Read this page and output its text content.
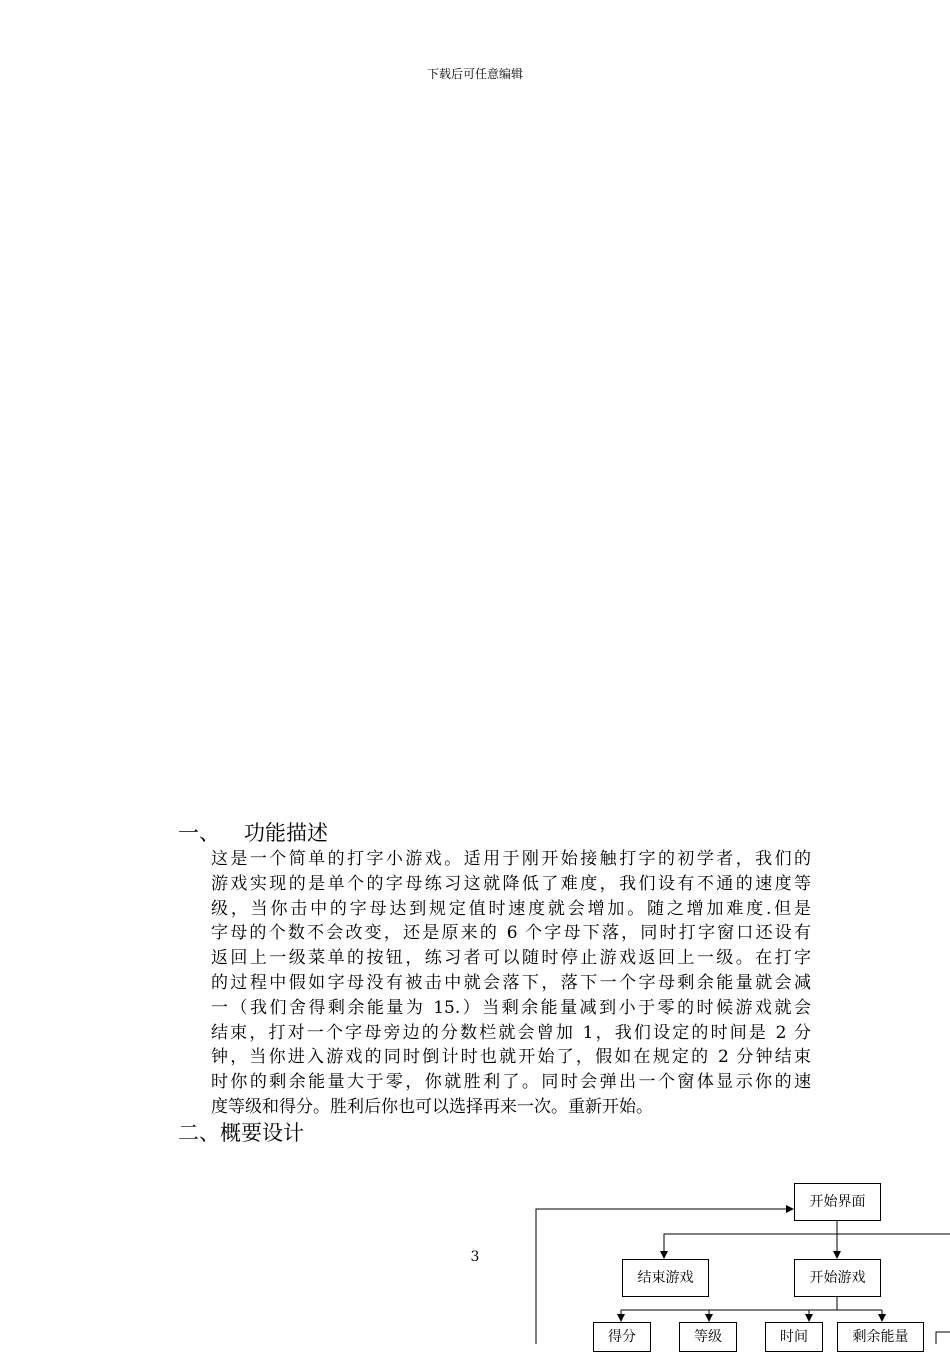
下载后可任意编辑
一、 功能描述
这是一个简单的打字小游戏。适用于刚开始接触打字的初学者，我们的
游戏实现的是单个的字母练习这就降低了难度，我们设有不通的速度等
级，当你击中的字母达到规定值时速度就会增加。随之增加难度.但是
字母的个数不会改变，还是原来的 6 个字母下落，同时打字窗口还设有
返回上一级菜单的按钮，练习者可以随时停止游戏返回上一级。在打字
的过程中假如字母没有被击中就会落下，落下一个字母剩余能量就会减
一（我们舍得剩余能量为 15.）当剩余能量减到小于零的时候游戏就会
结束，打对一个字母旁边的分数栏就会曾加 1，我们设定的时间是 2 分
钟，当你进入游戏的同时倒计时也就开始了，假如在规定的 2 分钟结束
时你的剩余能量大于零，你就胜利了。同时会弹出一个窗体显示你的速
度等级和得分。胜利后你也可以选择再来一次。重新开始。
二、概要设计
3
开始界面
结束游戏	开始游戏
得分	等级	时间	剩余能量
